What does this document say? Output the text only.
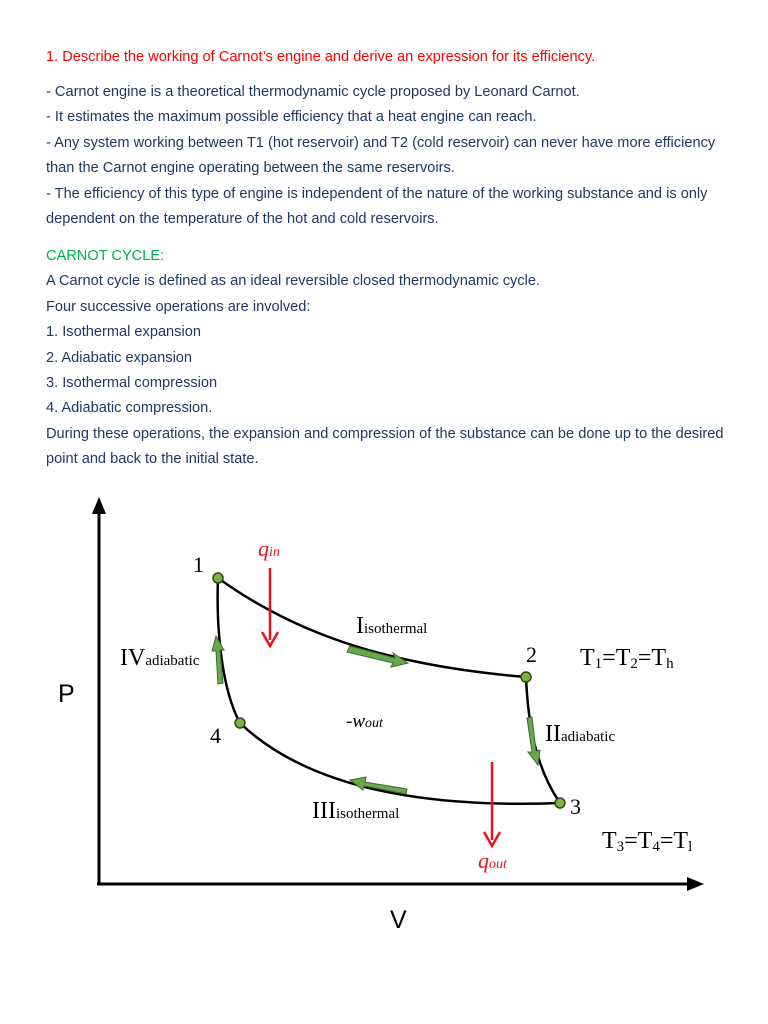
1. Describe the working of Carnot’s engine and derive an expression for its efficiency.

- Carnot engine is a theoretical thermodynamic cycle proposed by Leonard Carnot.

- It estimates the maximum possible efficiency that a heat engine can reach.

- Any system working between T1 (hot reservoir) and T2 (cold reservoir) can never have more efficiency than the Carnot engine operating between the same reservoirs.

- The efficiency of this type of engine is independent of the nature of the working substance and is only dependent on the temperature of the hot and cold reservoirs.

CARNOT CYCLE:

A Carnot cycle is defined as an ideal reversible closed thermodynamic cycle.

Four successive operations are involved:

1. Isothermal expansion

2. Adiabatic expansion

3. Isothermal compression

4. Adiabatic compression.

During these operations, the expansion and compression of the substance can be done up to the desired point and back to the initial state.

P
V
1
2
3
4
qin
qout
-wout
Iisothermal
IIadiabatic
IIIisothermal
IVadiabatic	T1=T2=Th
T3=T4=Tl
